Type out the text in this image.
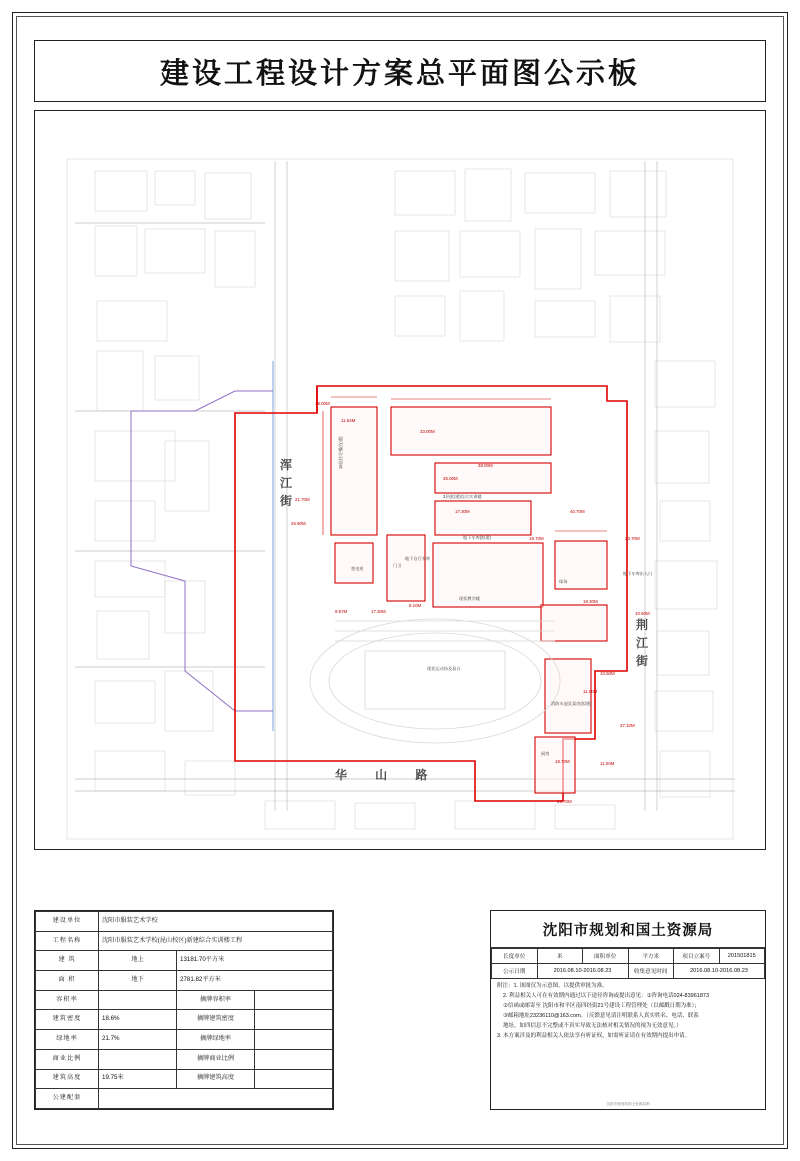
建设工程设计方案总平面图公示板
浑 江 街
荆 江 街
华 山 路
18.00M
11.54M
33.00M
38.00M
40.70M
21.70M
26.90M
23.70M
19.70M
17.30M
35.00M
18.30M
9.67M	17.30M
8.10M
10.60M
10.50M
11.00M
27.10M
18.70M	11.00M
26.70M
16层住宅楼(在建)
3层(拟建)综合实训楼
地下车库(拟建)
现状教学楼
球场
现状运动场及看台
地下车库出入口
变电室
门卫
消防水池及泵房(拟建)
厨房
地下自行车库
建设单位	沈阳市服装艺术学校		
工程名称	沈阳市服装艺术学校(昆山校区)新建综合实训楼工程		
建 筑	地上	13181.70平方米	
面 积	地下	2781.82平方米	
容积率		摘牌容积率	
建筑密度	18.6%	摘牌建筑密度	
绿地率	21.7%	摘牌绿地率	
商业比例		摘牌商业比例	
建筑高度	19.75米	摘牌建筑高度	
公建配套			
沈阳市规划和国土资源局
长度单位	米	面积单位	平方米	项目立案号	201501815
公示日期	2016.08.10-2016.08.23		收集意见时间	2016.08.10-2016.08.23	

附注：1. 该图仅为示意图，以提供审批为准。

2. 利益相关人可在有效期内通过以下途径咨询或提出意见：①咨询电话024-83961873

②信函或邮寄至 沈阳市和平区南四经街21号建设工程管理处（以邮戳日期为准）；

③邮箱地址23236110@163.com。（反馈意见请注明联系人真实姓名、电话、联系

地址，如四信息不完整或不真实导致无法核对相关情况的视为无效意见。）

3. 本方案涉及的利益相关人依法享有听证权，如需听证请在有效期内提出申请。

沈阳市规划和国土资源局制
